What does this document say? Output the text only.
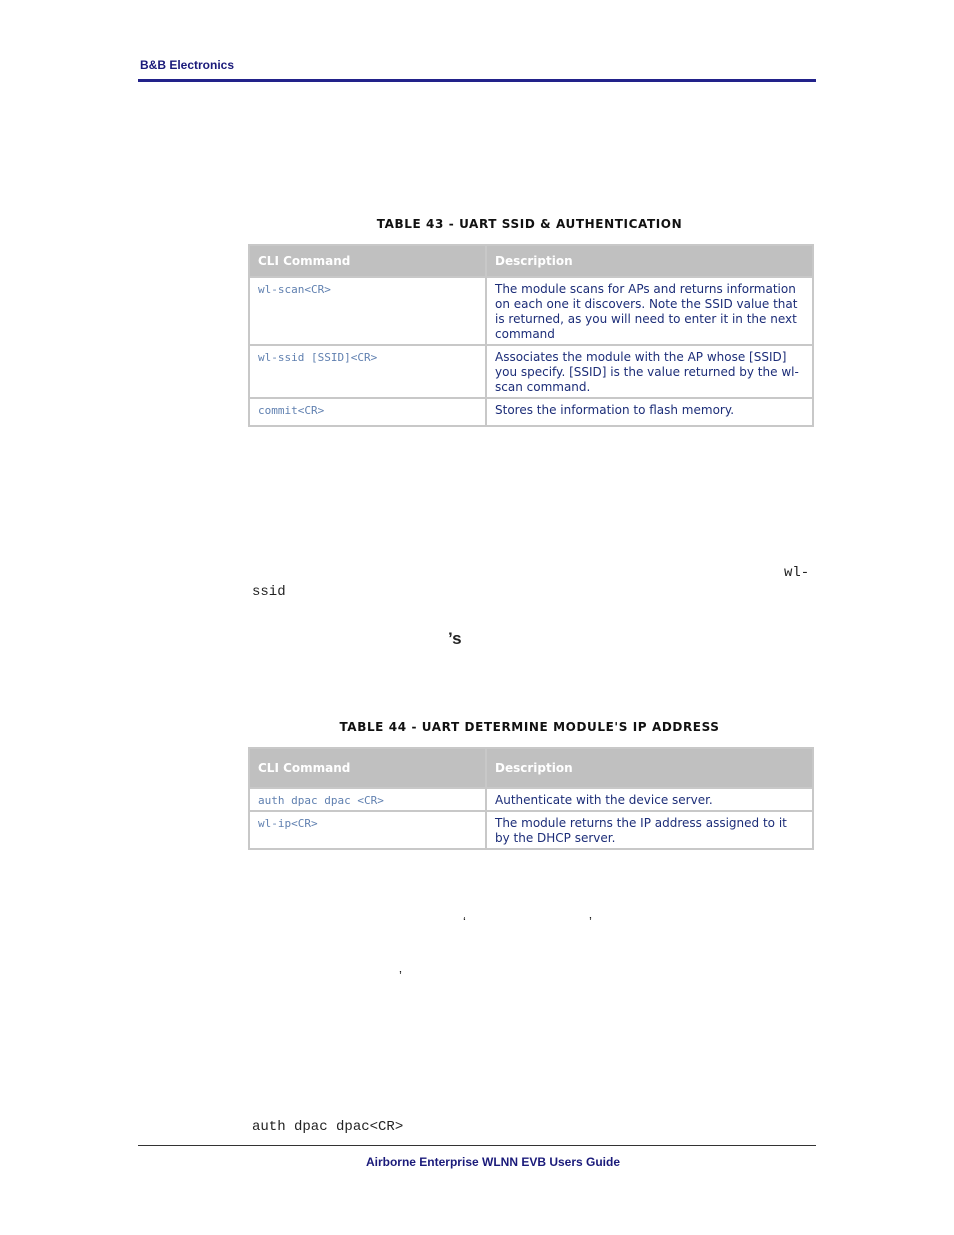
B&B Electronics
TABLE 43 - UART SSID & AUTHENTICATION
CLI Command	Description
wl-scan<CR>	The module scans for APs and returns information on each one it discovers. Note the SSID value that is returned, as you will need to enter it in the next command
wl-ssid [SSID]<CR>	Associates the module with the AP whose [SSID] you specify. [SSID] is the value returned by the wl-scan command.
commit<CR>	Stores the information to flash memory.
wl-
ssid
’s
TABLE 44 - UART DETERMINE MODULE'S IP ADDRESS
CLI Command	Description
auth dpac dpac <CR>	Authenticate with the device server.
wl-ip<CR>	The module returns the IP address assigned to it by the DHCP server.
‘	’
’
auth dpac dpac<CR>
Airborne Enterprise WLNN EVB Users Guide
